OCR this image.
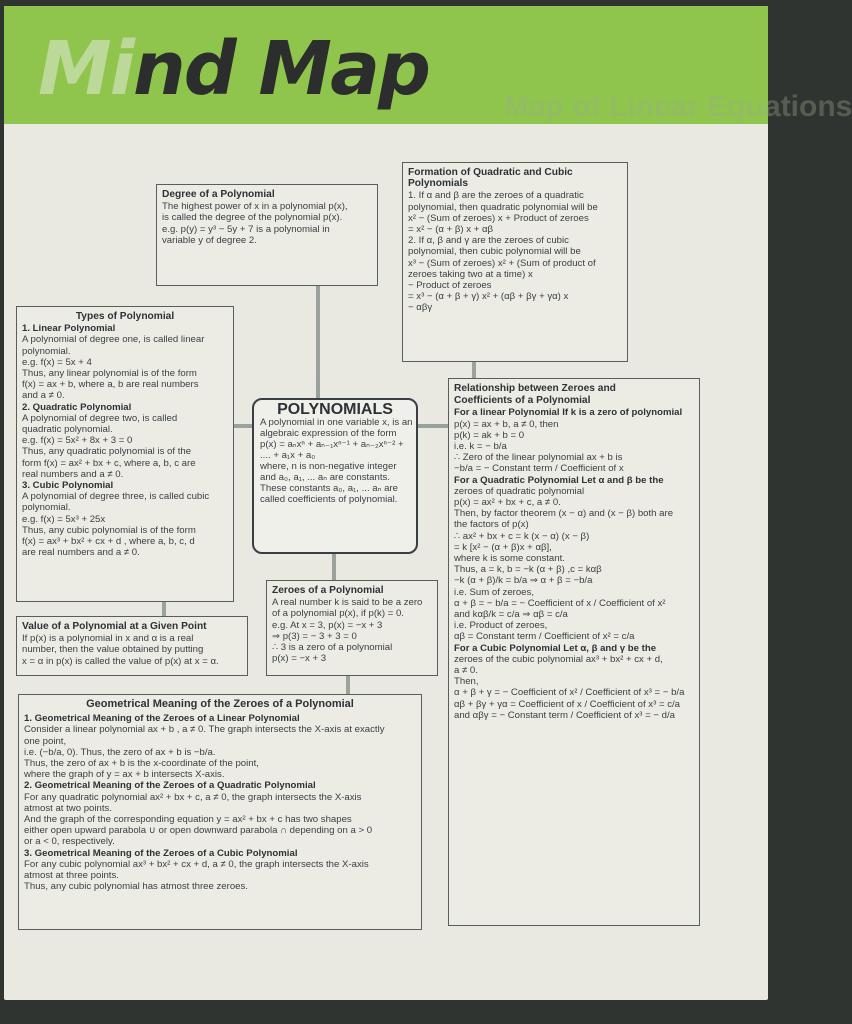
Mind Map	Map of Linear Equations
Degree of a Polynomial
The highest power of x in a polynomial p(x),
is called the degree of the polynomial p(x).
e.g. p(y) = y³ − 5y + 7 is a polynomial in
variable y of degree 2.
Formation of Quadratic and Cubic Polynomials
1. If α and β are the zeroes of a quadratic
polynomial, then quadratic polynomial will be
x² − (Sum of zeroes) x + Product of zeroes
= x² − (α + β) x + αβ
2. If α, β and γ are the zeroes of cubic
polynomial, then cubic polynomial will be
x³ − (Sum of zeroes) x² + (Sum of product of
zeroes taking two at a time) x
− Product of zeroes
= x³ − (α + β + γ) x² + (αβ + βγ + γα) x
− αβγ
Types of Polynomial
1. Linear Polynomial
A polynomial of degree one, is called linear
polynomial.
e.g. f(x) = 5x + 4
Thus, any linear polynomial is of the form
f(x) = ax + b, where a, b are real numbers
and a ≠ 0.
2. Quadratic Polynomial
A polynomial of degree two, is called
quadratic polynomial.
e.g. f(x) = 5x² + 8x + 3 = 0
Thus, any quadratic polynomial is of the
form f(x) = ax² + bx + c, where a, b, c are
real numbers and a ≠ 0.
3. Cubic Polynomial
A polynomial of degree three, is called cubic
polynomial.
e.g. f(x) = 5x³ + 25x
Thus, any cubic polynomial is of the form
f(x) = ax³ + bx² + cx + d , where a, b, c, d
are real numbers and a ≠ 0.
POLYNOMIALS
A polynomial in one variable x, is an
algebraic expression of the form
p(x) = aₙxⁿ + aₙ₋₁xⁿ⁻¹ + aₙ₋₂xⁿ⁻² +
.... + a₁x + a₀
where, n is non-negative integer
and a₀, a₁, ... aₙ are constants.
These constants a₀, a₁, ... aₙ are
called coefficients of polynomial.
Relationship between Zeroes and
Coefficients of a Polynomial
For a linear Polynomial If k is a zero of polynomial
p(x) = ax + b, a ≠ 0, then
p(k) = ak + b = 0
i.e. k = − b/a
∴ Zero of the linear polynomial ax + b is
−b/a = − Constant term / Coefficient of x
For a Quadratic Polynomial Let α and β be the
zeroes of quadratic polynomial
p(x) = ax² + bx + c, a ≠ 0.
Then, by factor theorem (x − α) and (x − β) both are
the factors of p(x)
∴ ax² + bx + c = k (x − α) (x − β)
= k [x² − (α + β)x + αβ],
where k is some constant.
Thus, a = k, b = −k (α + β) ,c = kαβ
−k (α + β)/k = b/a ⇒ α + β = −b/a
i.e. Sum of zeroes,
α + β = − b/a = − Coefficient of x / Coefficient of x²
and kαβ/k = c/a ⇒ αβ = c/a
i.e. Product of zeroes,
αβ = Constant term / Coefficient of x² = c/a
For a Cubic Polynomial Let α, β and γ be the
zeroes of the cubic polynomial ax³ + bx² + cx + d,
a ≠ 0.
Then,
α + β + γ = − Coefficient of x² / Coefficient of x³ = − b/a
αβ + βγ + γα = Coefficient of x / Coefficient of x³ = c/a
and αβγ = − Constant term / Coefficient of x³ = − d/a
Value of a Polynomial at a Given Point
If p(x) is a polynomial in x and α is a real
number, then the value obtained by putting
x = α in p(x) is called the value of p(x) at x = α.
Zeroes of a Polynomial
A real number k is said to be a zero
of a polynomial p(x), if p(k) = 0.
e.g. At x = 3, p(x) = −x + 3
⇒ p(3) = − 3 + 3 = 0
∴ 3 is a zero of a polynomial
p(x) = −x + 3
Geometrical Meaning of the Zeroes of a Polynomial
1. Geometrical Meaning of the Zeroes of a Linear Polynomial
Consider a linear polynomial ax + b , a ≠ 0. The graph intersects the X-axis at exactly
one point,
i.e. (−b/a, 0). Thus, the zero of ax + b is −b/a.
Thus, the zero of ax + b is the x-coordinate of the point,
where the graph of y = ax + b intersects X-axis.
2. Geometrical Meaning of the Zeroes of a Quadratic Polynomial
For any quadratic polynomial ax² + bx + c, a ≠ 0, the graph intersects the X-axis
atmost at two points.
And the graph of the corresponding equation y = ax² + bx + c has two shapes
either open upward parabola ∪ or open downward parabola ∩ depending on a > 0
or a < 0, respectively.
3. Geometrical Meaning of the Zeroes of a Cubic Polynomial
For any cubic polynomial ax³ + bx² + cx + d, a ≠ 0, the graph intersects the X-axis
atmost at three points.
Thus, any cubic polynomial has atmost three zeroes.
